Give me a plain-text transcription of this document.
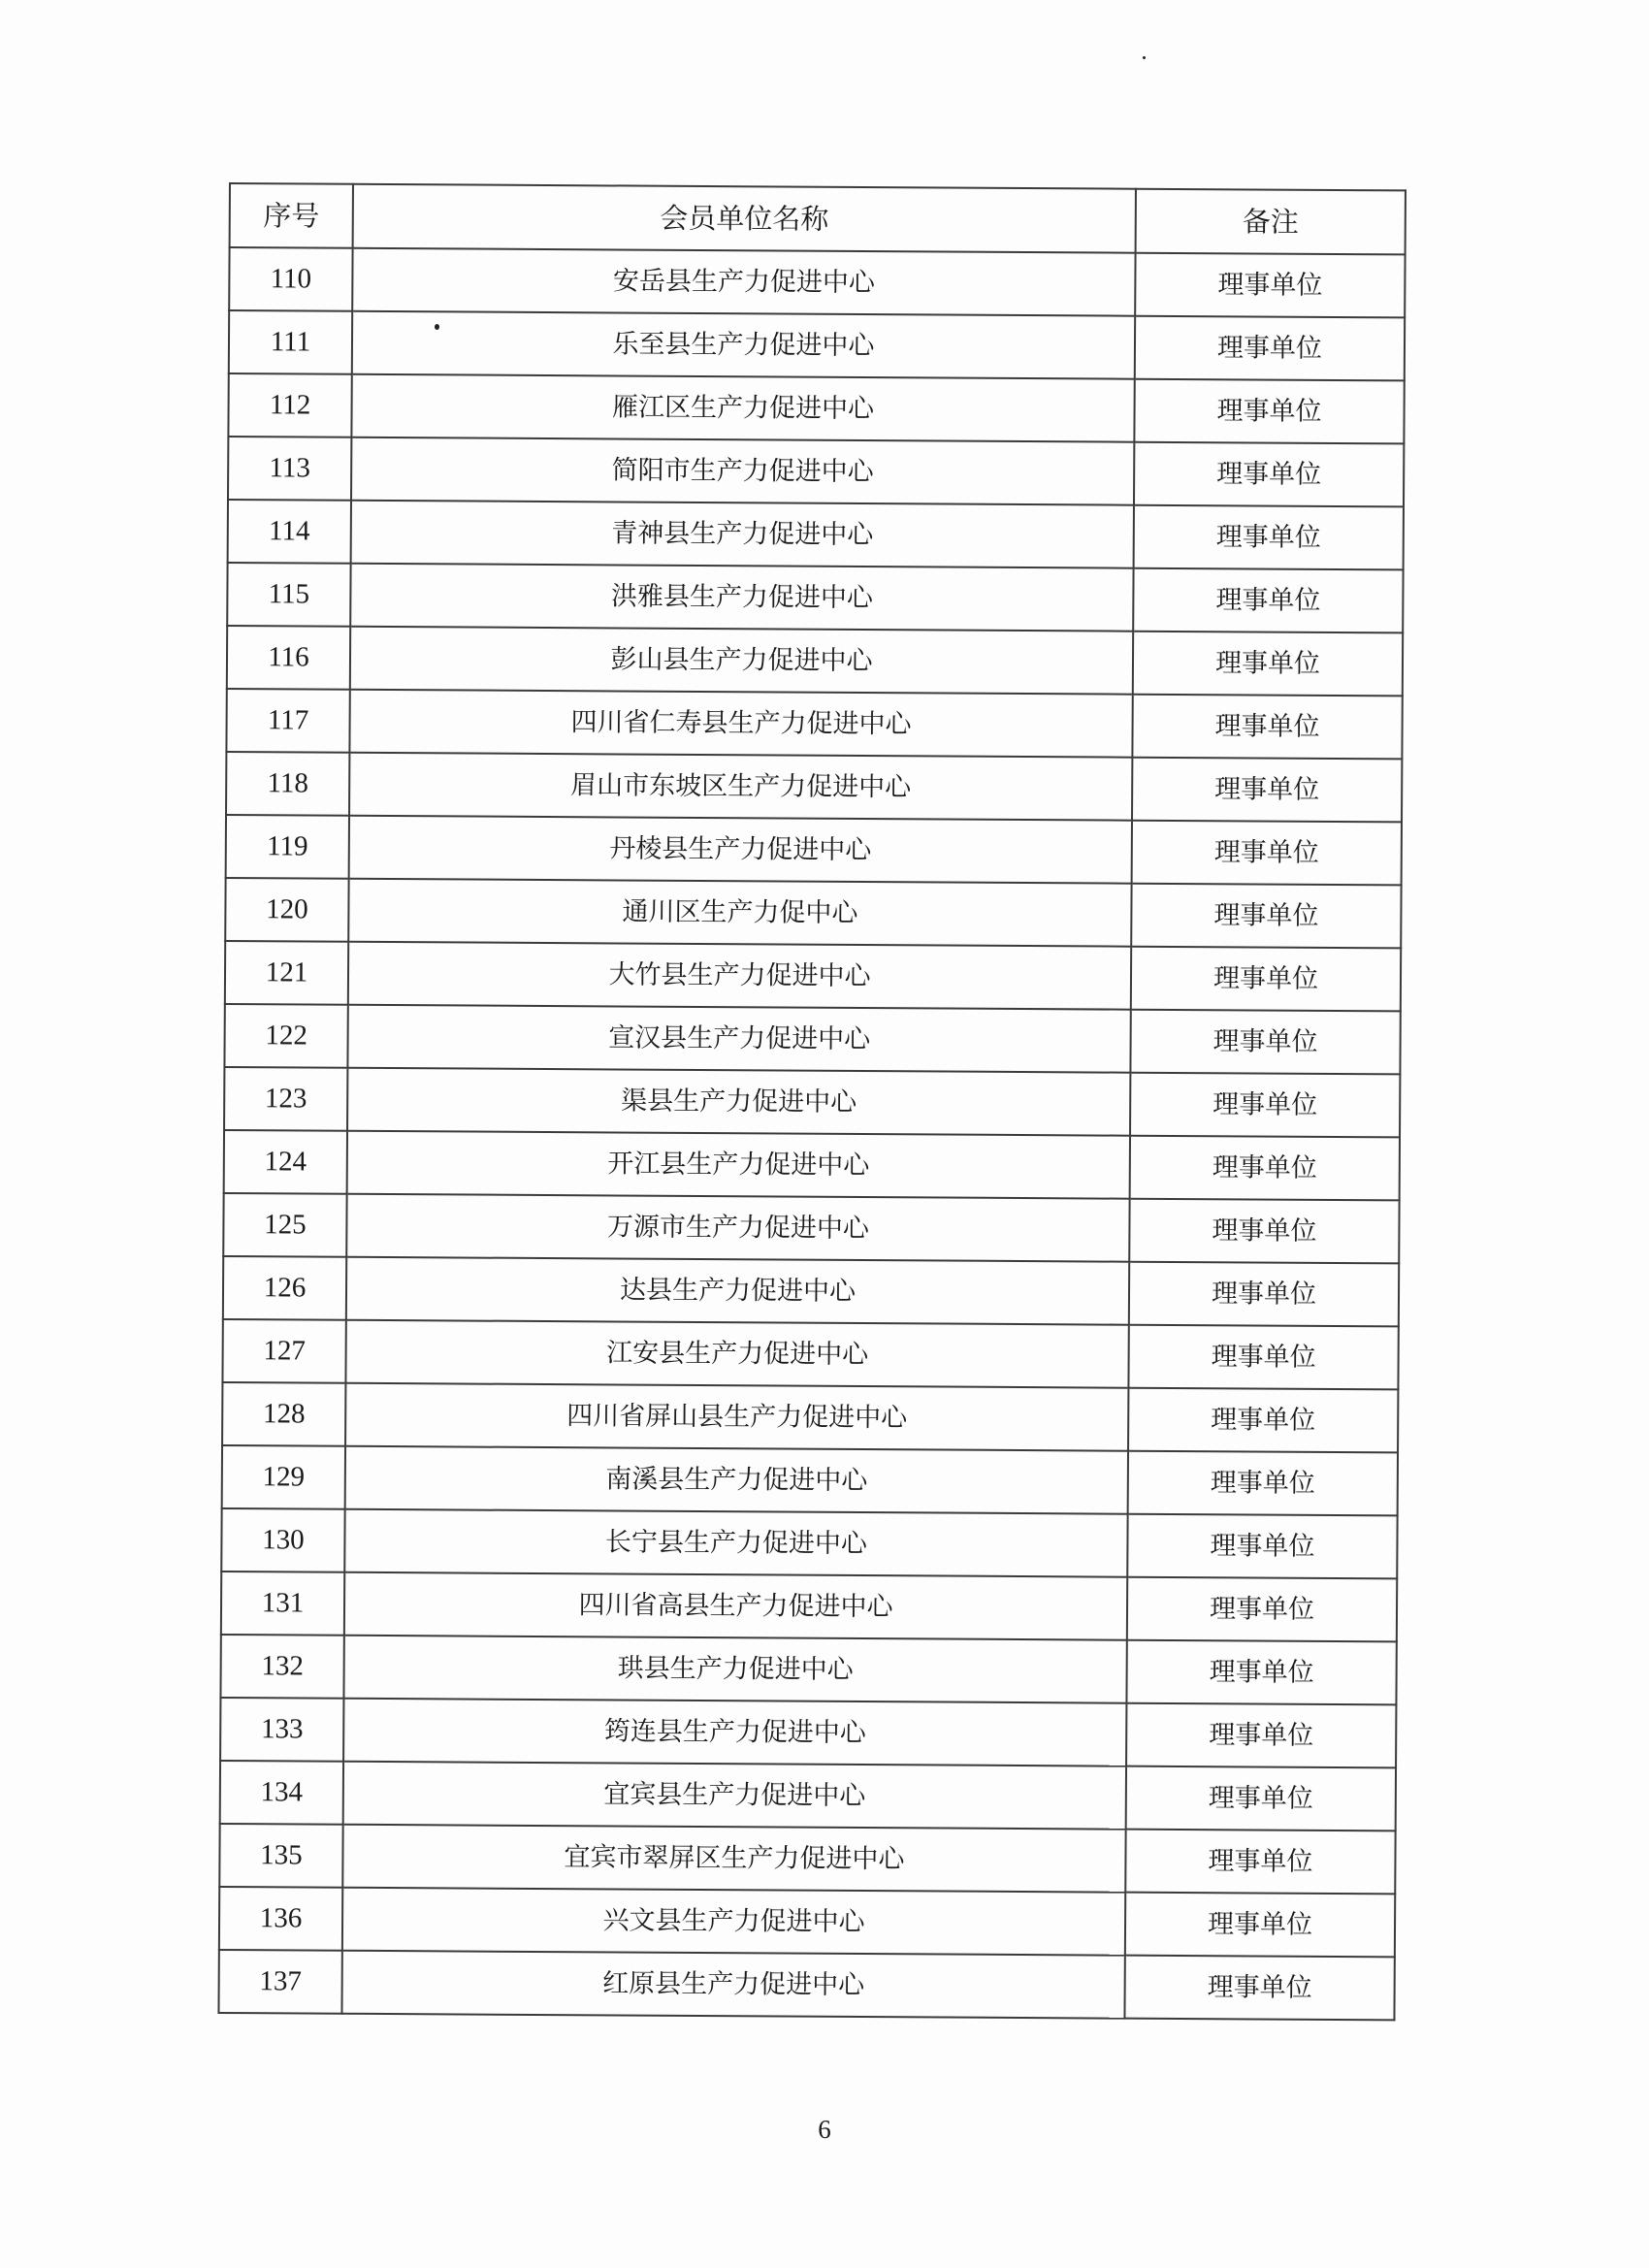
序号	会员单位名称	备注
110	安岳县生产力促进中心	理事单位
111	乐至县生产力促进中心	理事单位
112	雁江区生产力促进中心	理事单位
113	简阳市生产力促进中心	理事单位
114	青神县生产力促进中心	理事单位
115	洪雅县生产力促进中心	理事单位
116	彭山县生产力促进中心	理事单位
117	四川省仁寿县生产力促进中心	理事单位
118	眉山市东坡区生产力促进中心	理事单位
119	丹棱县生产力促进中心	理事单位
120	通川区生产力促中心	理事单位
121	大竹县生产力促进中心	理事单位
122	宣汉县生产力促进中心	理事单位
123	渠县生产力促进中心	理事单位
124	开江县生产力促进中心	理事单位
125	万源市生产力促进中心	理事单位
126	达县生产力促进中心	理事单位
127	江安县生产力促进中心	理事单位
128	四川省屏山县生产力促进中心	理事单位
129	南溪县生产力促进中心	理事单位
130	长宁县生产力促进中心	理事单位
131	四川省高县生产力促进中心	理事单位
132	珙县生产力促进中心	理事单位
133	筠连县生产力促进中心	理事单位
134	宜宾县生产力促进中心	理事单位
135	宜宾市翠屏区生产力促进中心	理事单位
136	兴文县生产力促进中心	理事单位
137	红原县生产力促进中心	理事单位
6
